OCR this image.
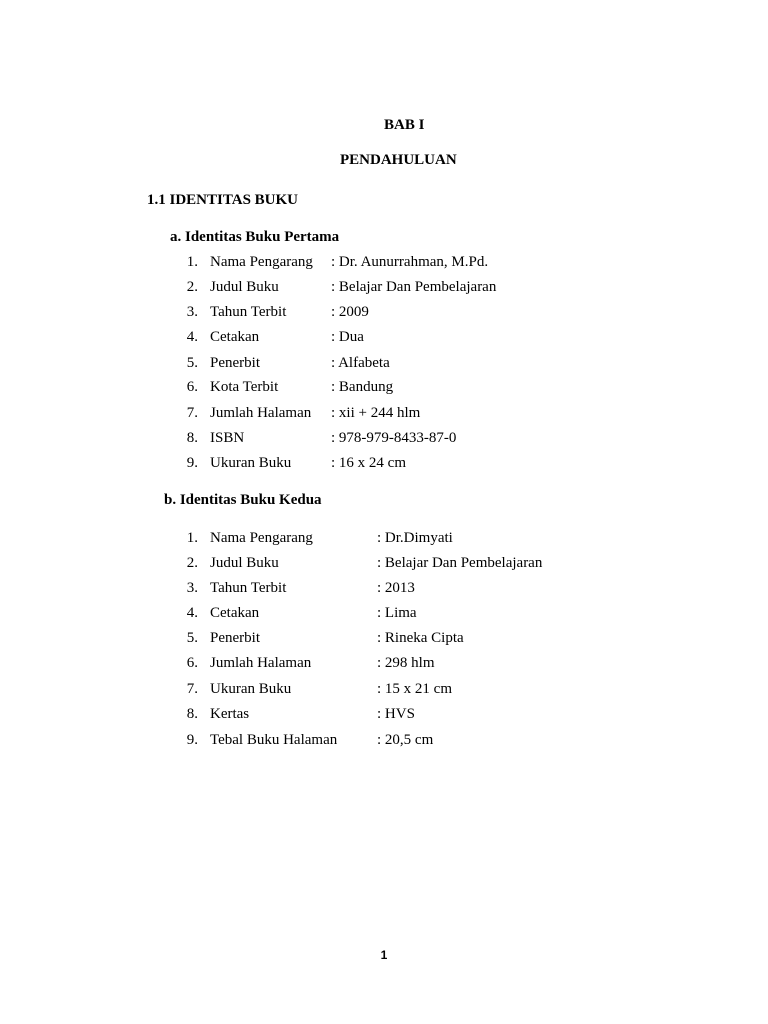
BAB I
PENDAHULUAN
1.1 IDENTITAS BUKU
a. Identitas Buku Pertama
1. Nama Pengarang : Dr. Aunurrahman, M.Pd.
2. Judul Buku	: Belajar Dan Pembelajaran
3. Tahun Terbit	: 2009
4. Cetakan	: Dua
5. Penerbit	: Alfabeta
6. Kota Terbit	: Bandung
7. Jumlah Halaman : xii + 244 hlm
8. ISBN	: 978-979-8433-87-0
9. Ukuran Buku	: 16 x 24 cm
b. Identitas Buku Kedua
1. Nama Pengarang	: Dr.Dimyati
2. Judul Buku	: Belajar Dan Pembelajaran
3. Tahun Terbit	: 2013
4. Cetakan	: Lima
5. Penerbit	: Rineka Cipta
6. Jumlah Halaman	: 298 hlm
7. Ukuran Buku	: 15 x 21 cm
8. Kertas	: HVS
9. Tebal Buku Halaman	: 20,5 cm
1
